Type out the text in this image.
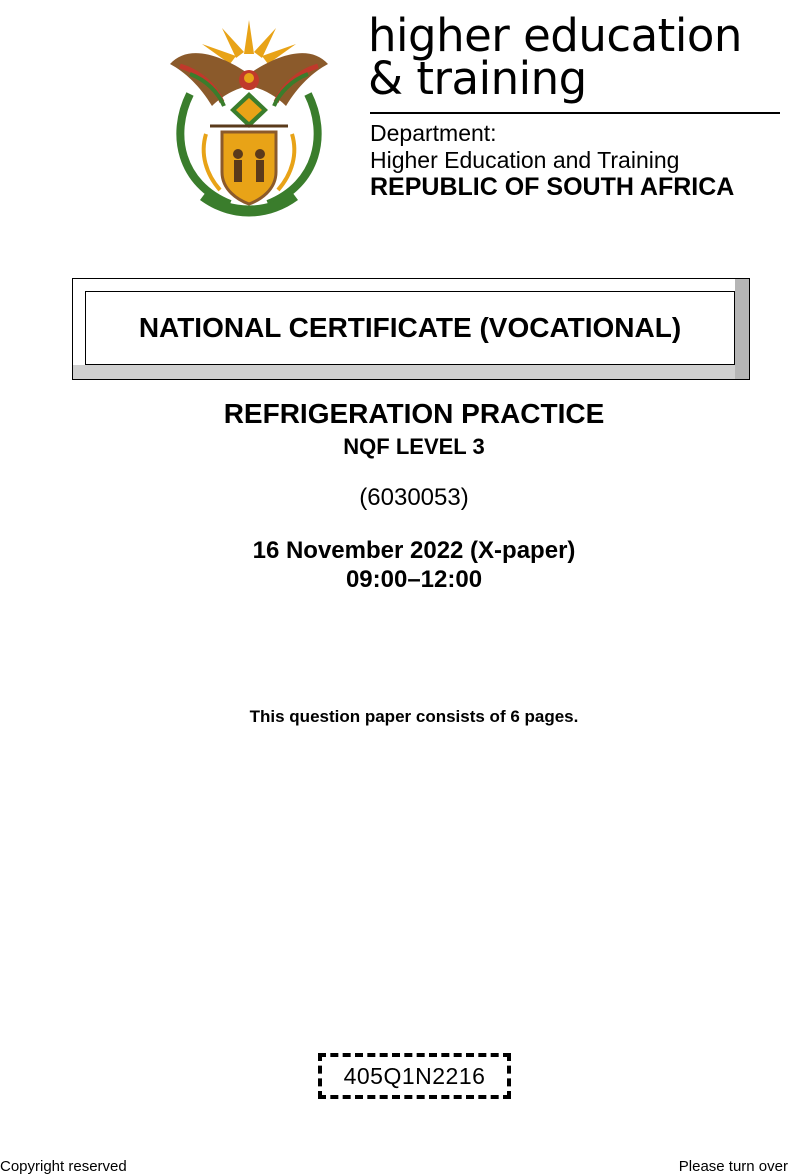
higher education
& training
Department:
Higher Education and Training
REPUBLIC OF SOUTH AFRICA
NATIONAL CERTIFICATE (VOCATIONAL)
REFRIGERATION PRACTICE
NQF LEVEL 3
(6030053)
16 November 2022 (X-paper)
09:00–12:00
This question paper consists of 6 pages.
405Q1N2216
Copyright reserved	Please turn over
